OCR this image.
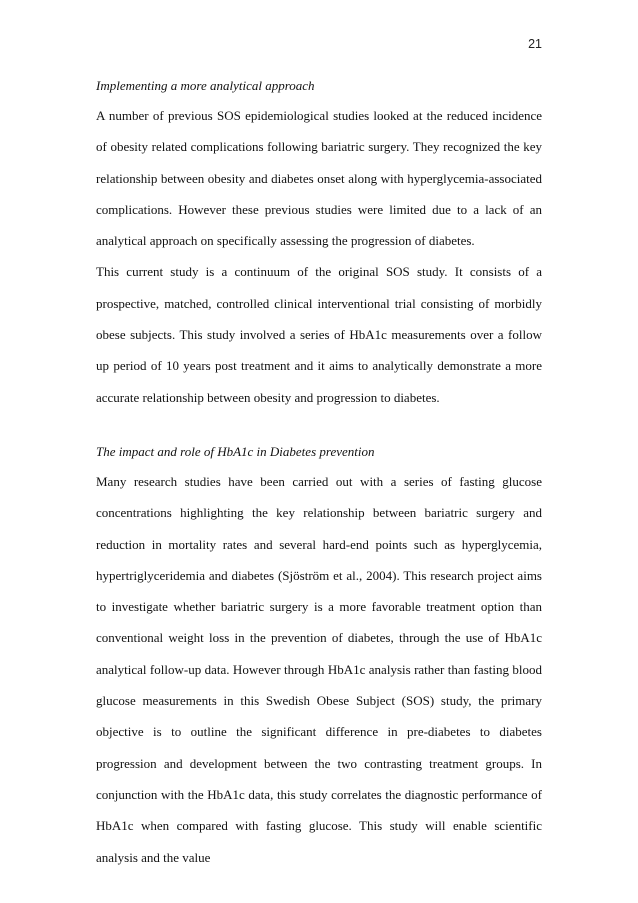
21
Implementing a more analytical approach

A number of previous SOS epidemiological studies looked at the reduced incidence of obesity related complications following bariatric surgery. They recognized the key relationship between obesity and diabetes onset along with hyperglycemia-associated complications. However these previous studies were limited due to a lack of an analytical approach on specifically assessing the progression of diabetes.

This current study is a continuum of the original SOS study. It consists of a prospective, matched, controlled clinical interventional trial consisting of morbidly obese subjects. This study involved a series of HbA1c measurements over a follow up period of 10 years post treatment and it aims to analytically demonstrate a more accurate relationship between obesity and progression to diabetes.

The impact and role of HbA1c in Diabetes prevention

Many research studies have been carried out with a series of fasting glucose concentrations highlighting the key relationship between bariatric surgery and reduction in mortality rates and several hard-end points such as hyperglycemia, hypertriglyceridemia and diabetes (Sjöström et al., 2004). This research project aims to investigate whether bariatric surgery is a more favorable treatment option than conventional weight loss in the prevention of diabetes, through the use of HbA1c analytical follow-up data. However through HbA1c analysis rather than fasting blood glucose measurements in this Swedish Obese Subject (SOS) study, the primary objective is to outline the significant difference in pre-diabetes to diabetes progression and development between the two contrasting treatment groups. In conjunction with the HbA1c data, this study correlates the diagnostic performance of HbA1c when compared with fasting glucose. This study will enable scientific analysis and the value
